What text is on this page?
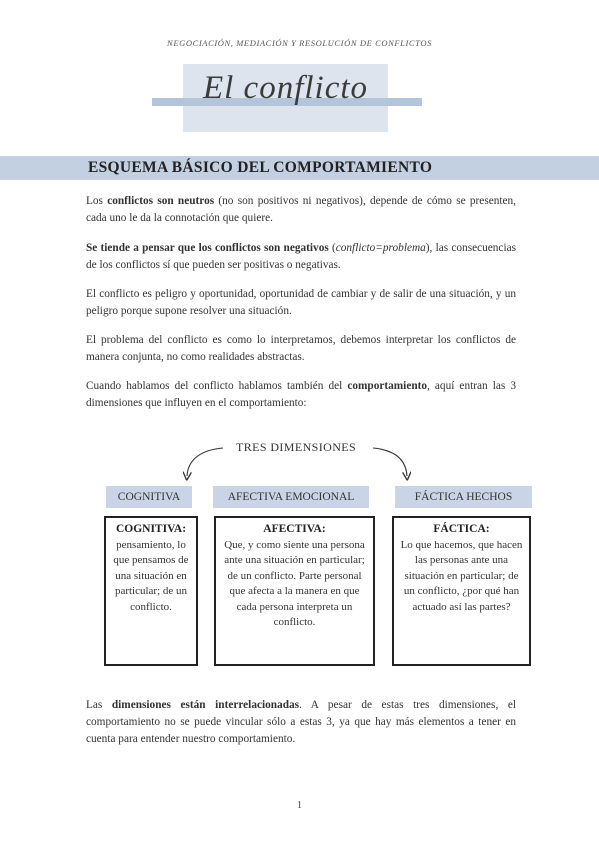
NEGOCIACIÓN, MEDIACIÓN Y RESOLUCIÓN DE CONFLICTOS
El conflicto
ESQUEMA BÁSICO DEL COMPORTAMIENTO
Los conflictos son neutros (no son positivos ni negativos), depende de cómo se presenten, cada uno le da la connotación que quiere.
Se tiende a pensar que los conflictos son negativos (conflicto=problema), las consecuencias de los conflictos sí que pueden ser positivas o negativas.
El conflicto es peligro y oportunidad, oportunidad de cambiar y de salir de una situación, y un peligro porque supone resolver una situación.
El problema del conflicto es como lo interpretamos, debemos interpretar los conflictos de manera conjunta, no como realidades abstractas.
Cuando hablamos del conflicto hablamos también del comportamiento, aquí entran las 3 dimensiones que influyen en el comportamiento:
TRES DIMENSIONES
COGNITIVA	AFECTIVA EMOCIONAL	FÁCTICA HECHOS
COGNITIVA:
pensamiento, lo que pensamos de una situación en particular; de un conflicto.
AFECTIVA:
Que, y como siente una persona ante una situación en particular; de un conflicto. Parte personal que afecta a la manera en que cada persona interpreta un conflicto.
FÁCTICA:
Lo que hacemos, que hacen las personas ante una situación en particular; de un conflicto, ¿por qué han actuado así las partes?
Las dimensiones están interrelacionadas. A pesar de estas tres dimensiones, el comportamiento no se puede vincular sólo a estas 3, ya que hay más elementos a tener en cuenta para entender nuestro comportamiento.
1
